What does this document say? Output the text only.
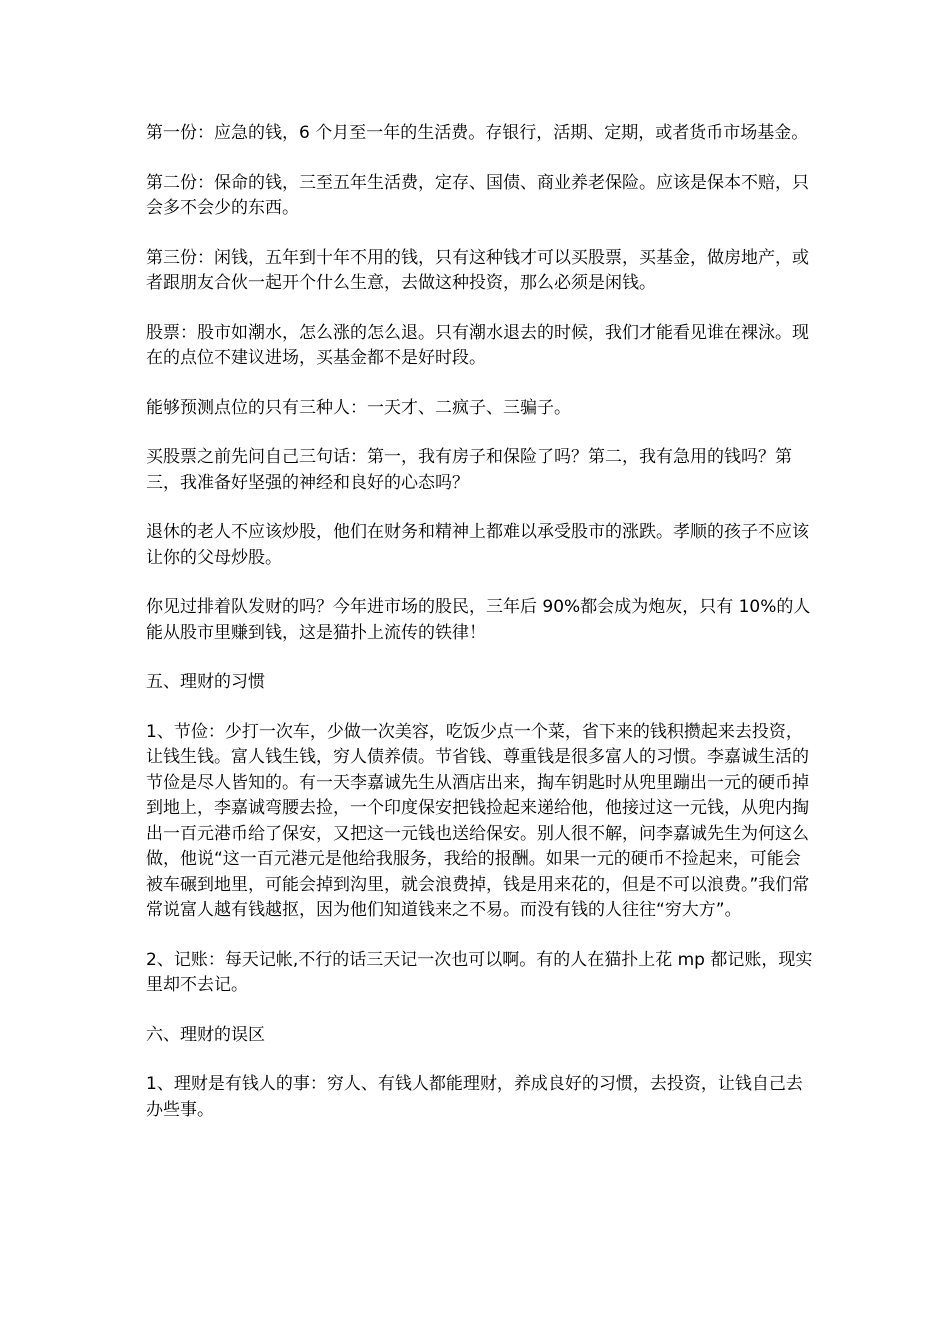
第一份：应急的钱，6 个月至一年的生活费。存银行，活期、定期，或者货币市场基金。

第二份：保命的钱，三至五年生活费，定存、国债、商业养老保险。应该是保本不赔，只会多不会少的东西。

第三份：闲钱，五年到十年不用的钱，只有这种钱才可以买股票，买基金，做房地产，或者跟朋友合伙一起开个什么生意，去做这种投资，那么必须是闲钱。

股票：股市如潮水，怎么涨的怎么退。只有潮水退去的时候，我们才能看见谁在裸泳。现在的点位不建议进场，买基金都不是好时段。

能够预测点位的只有三种人：一天才、二疯子、三骗子。

买股票之前先问自己三句话：第一，我有房子和保险了吗？第二，我有急用的钱吗？第三，我准备好坚强的神经和良好的心态吗？

退休的老人不应该炒股，他们在财务和精神上都难以承受股市的涨跌。孝顺的孩子不应该让你的父母炒股。

你见过排着队发财的吗？今年进市场的股民，三年后 90%都会成为炮灰，只有 10%的人能从股市里赚到钱，这是猫扑上流传的铁律！

五、理财的习惯

1、节俭：少打一次车，少做一次美容，吃饭少点一个菜，省下来的钱积攒起来去投资，让钱生钱。富人钱生钱，穷人债养债。节省钱、尊重钱是很多富人的习惯。李嘉诚生活的节俭是尽人皆知的。有一天李嘉诚先生从酒店出来，掏车钥匙时从兜里蹦出一元的硬币掉到地上，李嘉诚弯腰去捡，一个印度保安把钱捡起来递给他，他接过这一元钱，从兜内掏出一百元港币给了保安，又把这一元钱也送给保安。别人很不解，问李嘉诚先生为何这么做，他说“这一百元港元是他给我服务，我给的报酬。如果一元的硬币不捡起来，可能会被车碾到地里，可能会掉到沟里，就会浪费掉，钱是用来花的，但是不可以浪费。”我们常常说富人越有钱越抠，因为他们知道钱来之不易。而没有钱的人往往“穷大方”。

2、记账：每天记帐,不行的话三天记一次也可以啊。有的人在猫扑上花 mp 都记账，现实里却不去记。

六、理财的误区

1、理财是有钱人的事：穷人、有钱人都能理财，养成良好的习惯，去投资，让钱自己去办些事。
